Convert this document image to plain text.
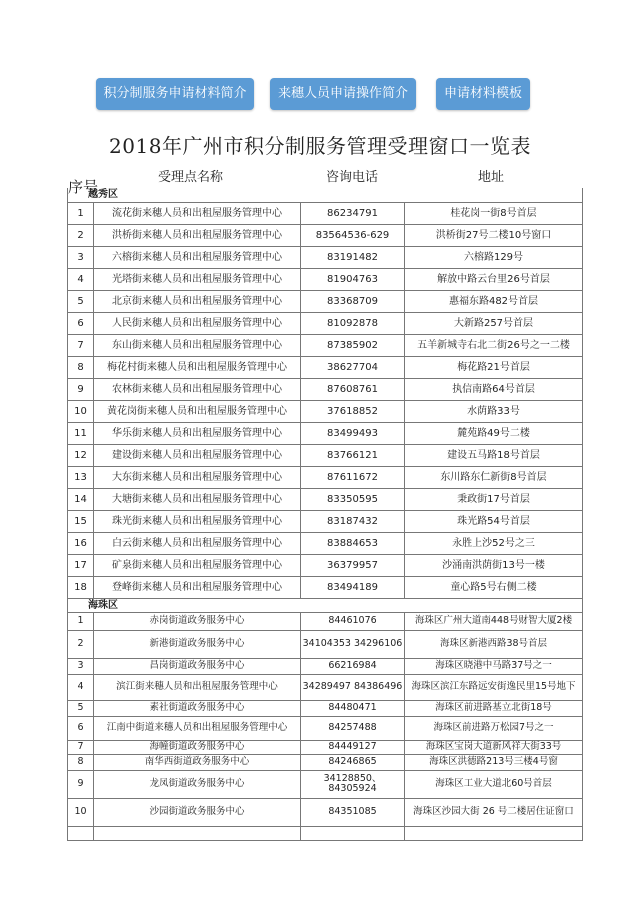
积分制服务申请材料简介	来穗人员申请操作简介	申请材料模板
2018年广州市积分制服务管理受理窗口一览表
序号
受理点名称	咨询电话	地址
越秀区			
1	流花街来穗人员和出租屋服务管理中心	86234791	桂花岗一街8号首层
2	洪桥街来穗人员和出租屋服务管理中心	83564536-629	洪桥街27号二楼10号窗口
3	六榕街来穗人员和出租屋服务管理中心	83191482	六榕路129号
4	光塔街来穗人员和出租屋服务管理中心	81904763	解放中路云台里26号首层
5	北京街来穗人员和出租屋服务管理中心	83368709	惠福东路482号首层
6	人民街来穗人员和出租屋服务管理中心	81092878	大新路257号首层
7	东山街来穗人员和出租屋服务管理中心	87385902	五羊新城寺右北二街26号之一二楼
8	梅花村街来穗人员和出租屋服务管理中心	38627704	梅花路21号首层
9	农林街来穗人员和出租屋服务管理中心	87608761	执信南路64号首层
10	黄花岗街来穗人员和出租屋服务管理中心	37618852	水荫路33号
11	华乐街来穗人员和出租屋服务管理中心	83499493	麓苑路49号二楼
12	建设街来穗人员和出租屋服务管理中心	83766121	建设五马路18号首层
13	大东街来穗人员和出租屋服务管理中心	87611672	东川路东仁新街8号首层
14	大塘街来穗人员和出租屋服务管理中心	83350595	秉政街17号首层
15	珠光街来穗人员和出租屋服务管理中心	83187432	珠光路54号首层
16	白云街来穗人员和出租屋服务管理中心	83884653	永胜上沙52号之三
17	矿泉街来穗人员和出租屋服务管理中心	36379957	沙涌南洪荫街13号一楼
18	登峰街来穗人员和出租屋服务管理中心	83494189	童心路5号右侧二楼
海珠区			
1	赤岗街道政务服务中心	84461076	海珠区广州大道南448号财智大厦2楼
2	新港街道政务服务中心	34104353 34296106	海珠区新港西路38号首层
3	昌岗街道政务服务中心	66216984	海珠区晓港中马路37号之一
4	滨江街来穗人员和出租屋服务管理中心	34289497 84386496	海珠区滨江东路远安街逸民里15号地下
5	素社街道政务服务中心	84480471	海珠区前进路基立北街18号
6	江南中街道来穗人员和出租屋服务管理中心	84257488	海珠区前进路万松园7号之一
7	海幢街道政务服务中心	84449127	海珠区宝岗大道新风祥大街33号
8	南华西街道政务服务中心	84246865	海珠区洪德路213号三楼4号窗
9	龙凤街道政务服务中心	34128850、84305924	海珠区工业大道北60号首层
10	沙园街道政务服务中心	84351085	海珠区沙园大街 26 号二楼居住证窗口
